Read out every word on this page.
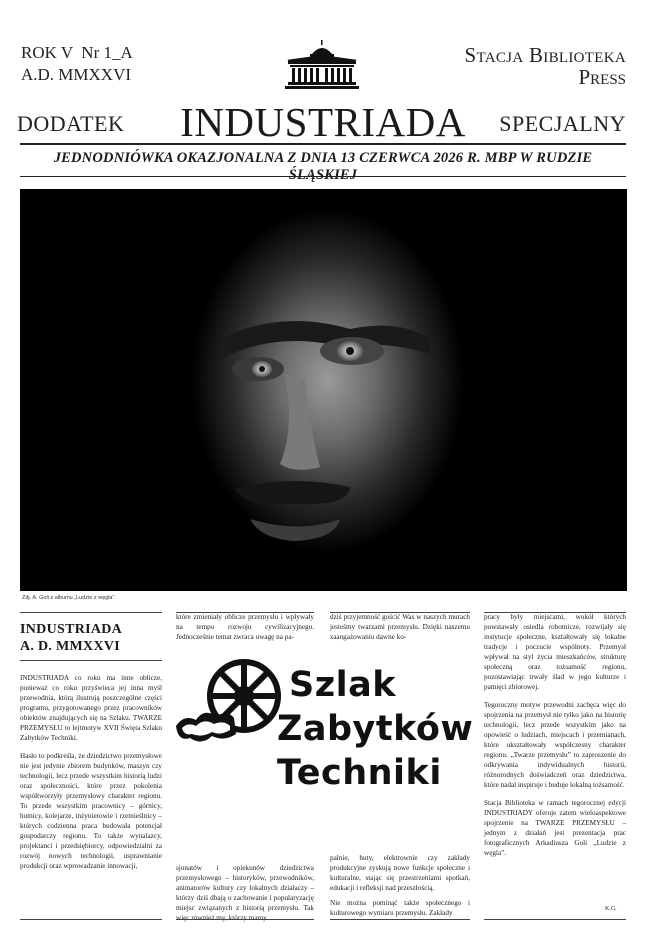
ROK V  Nr 1_A
A.D. MMXXVI
Stacja Biblioteka
Press
DODATEK	INDUSTRIADA	SPECJALNY
JEDNODNIÓWKA OKAZJONALNA Z DNIA 13 CZERWCA 2026 R. MBP W RUDZIE ŚLĄSKIEJ
Zdj. A. Goli z albumu „Ludzie z węgla”.
INDUSTRIADA
A. D. MMXXVI

INDUSTRIADA co roku ma inne oblicze, ponieważ co roku przyświeca jej inna myśl przewodnia, którą ilustrują poszczególne części programu, przygotowanego przez pracowników obiektów znajdujących się na Szlaku. TWARZE PRZEMYSŁU to lejtmotyw XVII Święta Szlaku Zabytków Techniki.

Hasło to podkreśla, że dziedzictwo przemysłowe nie jest jedynie zbiorem budynków, maszyn czy technologii, lecz przede wszystkim historią ludzi oraz społeczności, które przez pokolenia współtworzyły przemysłowy charakter regionu. To przede wszystkim pracownicy – górnicy, hutnicy, kolejarze, inżynierowie i rzemieślnicy – których codzienna praca budowała potencjał gospodarczy regionu. To także wynalazcy, projektanci i przedsiębiorcy, odpowiedzialni za rozwój nowych technologii, usprawnianie produkcji oraz wprowadzanie innowacji,

które zmieniały oblicze przemysłu i wpływały na tempo rozwoju cywilizacyjnego. Jednocześnie temat zwraca uwagę na pa-

dziś przyjemność gościć Was w naszych murach jesteśmy twarzami przemysłu. Dzięki naszemu zaangażowaniu dawne ko-

Szlak
Zabytków
Techniki

sjonatów i opiekunów dziedzictwa przemysłowego – historyków, przewodników, animatorów kultury czy lokalnych działaczy – którzy dziś dbają o zachowanie i popularyzację miejsc związanych z historią przemysłu. Tak więc również my, którzy mamy

palnie, huty, elektrownie czy zakłady produkcyjne zyskują nowe funkcje społeczne i kulturalne, stając się przestrzeniami spotkań, edukacji i refleksji nad przeszłością.

Nie można pominąć także społecznego i kulturowego wymiaru przemysłu. Zakłady

pracy były miejscami, wokół których powstawały osiedla robotnicze, rozwijały się instytucje społeczne, kształtowały się lokalne tradycje i poczucie wspólnoty. Przemysł wpływał na styl życia mieszkańców, strukturę społeczną oraz tożsamość regionu, pozostawiając trwały ślad w jego kulturze i pamięci zbiorowej.

Tegoroczny motyw przewodni zachęca więc do spojrzenia na przemysł nie tylko jako na historię technologii, lecz przede wszystkim jako na opowieść o ludziach, miejscach i przemianach, które ukształtowały współczesny charakter regionu. „Twarze przemysłu” to zaproszenie do odkrywania indywidualnych historii, różnorodnych doświadczeń oraz dziedzictwa, które nadal inspiruje i buduje lokalną tożsamość.

Stacja Biblioteka w ramach tegorocznej edycji INDUSTRIADY oferuje zatem wieloaspektowe spojrzenie na TWARZE PRZEMYSŁU – jednym z działań jest prezentacja prac fotograficznych Arkadiusza Goli „Ludzie z węgla”.

K.G.
